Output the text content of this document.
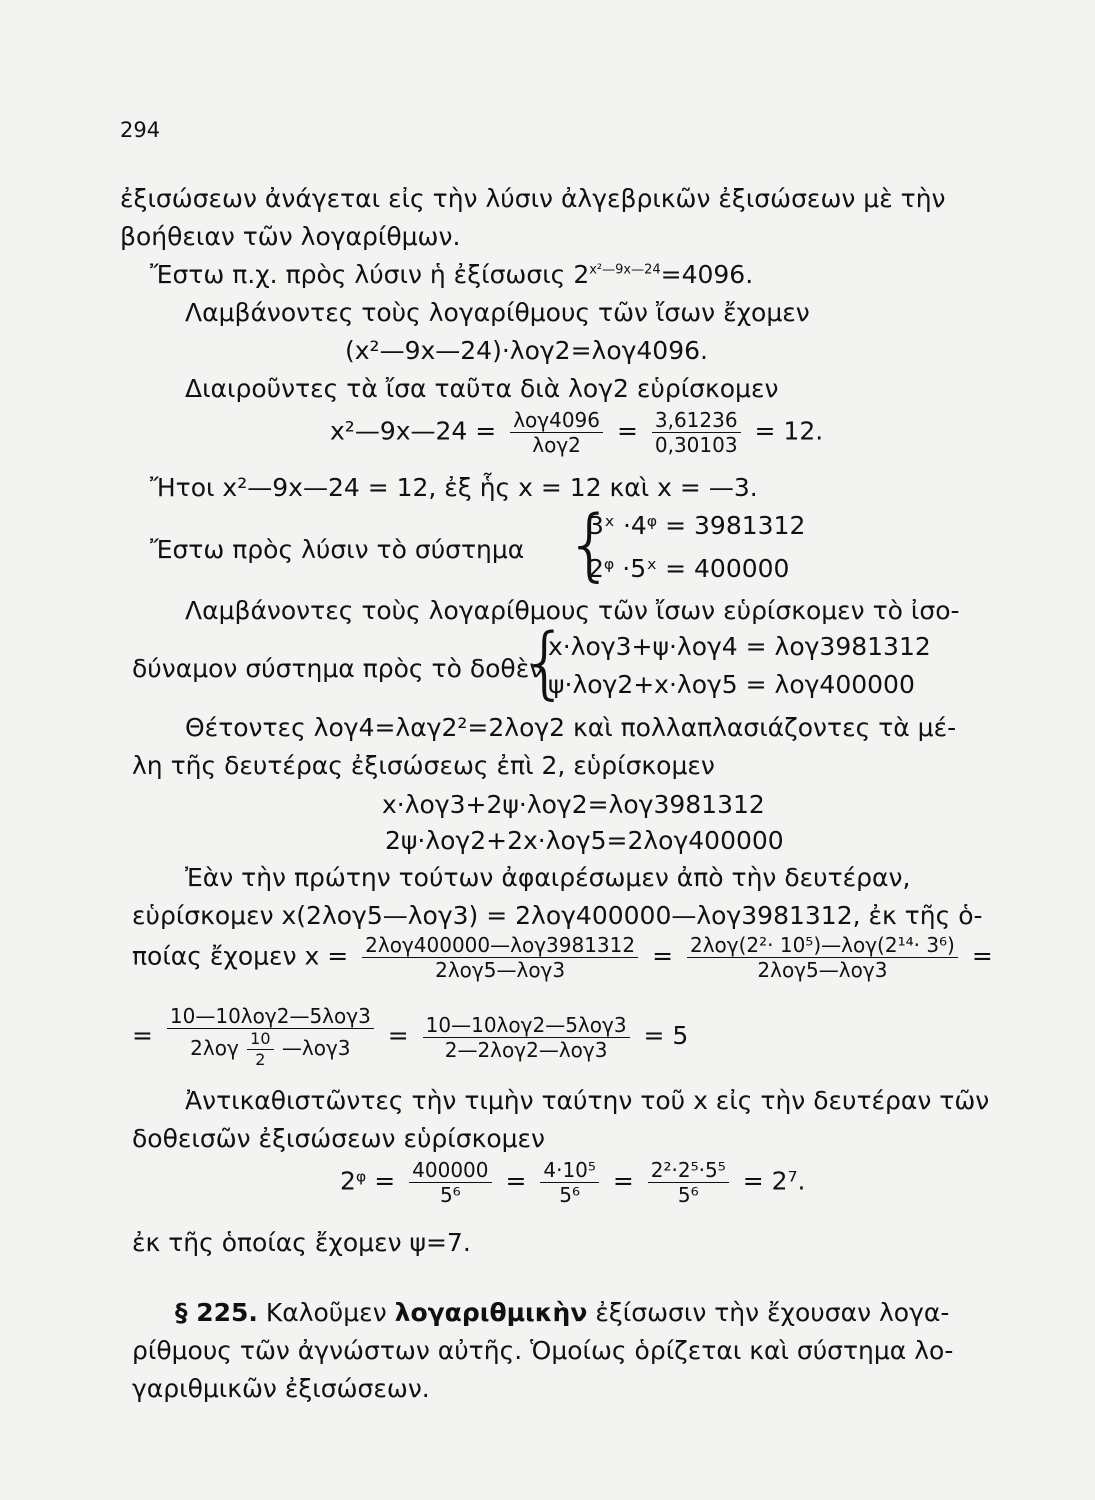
294
ἐξισώσεων ἀνάγεται εἰς τὴν λύσιν ἀλγεβρικῶν ἐξισώσεων μὲ τὴν
βοήθειαν τῶν λογαρίθμων.
Ἔστω π.χ. πρὸς λύσιν ἡ ἐξίσωσις $2^{x^2—9x—24}=4096$.
Λαμβάνοντες τοὺς λογαρίθμους τῶν ἴσων ἔχομεν
(x²—9x—24)·λογ2=λογ4096.
Διαιροῦντες τὰ ἴσα ταῦτα διὰ λογ2 εὑρίσκομεν
x²—9x—24 = $\frac{\text{λογ4096}}{\text{λογ2}} = \frac{3,61236}{0,30103} = 12$.
Ἤτοι x²—9x—24 = 12, ἐξ ἧς x = 12 καὶ x = —3.
Ἔστω πρὸς λύσιν τὸ σύστημα {
3ˣ ·4ᵠ = 3981312
2ᵠ ·5ˣ = 400000
Λαμβάνοντες τοὺς λογαρίθμους τῶν ἴσων εὑρίσκομεν τὸ ἰσο-
δύναμον σύστημα πρὸς τὸ δοθὲν
{
x·λογ3+ψ·λογ4 = λογ3981312
ψ·λογ2+x·λογ5 = λογ400000
Θέτοντες λογ4=λαγ2²=2λογ2 καὶ πολλαπλασιάζοντες τὰ μέ-
λη τῆς δευτέρας ἐξισώσεως ἐπὶ 2, εὑρίσκομεν
x·λογ3+2ψ·λογ2=λογ3981312
2ψ·λογ2+2x·λογ5=2λογ400000
Ἐὰν τὴν πρώτην τούτων ἀφαιρέσωμεν ἀπὸ τὴν δευτέραν,
εὑρίσκομεν x(2λογ5—λογ3) = 2λογ400000—λογ3981312, ἐκ τῆς ὁ-
ποίας ἔχομεν $x = \frac{\text{2λογ400000—λογ3981312}}{\text{2λογ5—λογ3}} = \frac{\text{2λογ(2²· 10⁵)—λογ(2¹⁴· 3⁶)}}{\text{2λογ5—λογ3}}$ =
= $\frac{\text{10—10λογ2—5λογ3}}{2\lambda o\gamma \frac{10}{2} —\lambda o\gamma 3} = \frac{\text{10—10λογ2—5λογ3}}{\text{2—2λογ2—λογ3}} = 5$
Ἀντικαθιστῶντες τὴν τιμὴν ταύτην τοῦ x εἰς τὴν δευτέραν τῶν
δοθεισῶν ἐξισώσεων εὑρίσκομεν
2ᵠ = $\frac{400000}{\text{5⁶}} = \frac{\text{4·10⁵}}{\text{5⁶}} = \frac{\text{2²·2⁵·5⁵}}{\text{5⁶}} = 2^7$.
ἐκ τῆς ὁποίας ἔχομεν ψ=7.
§ 225. Καλοῦμεν λογαριθμικὴν ἐξίσωσιν τὴν ἔχουσαν λογα-
ρίθμους τῶν ἀγνώστων αὐτῆς. Ὁμοίως ὁρίζεται καὶ σύστημα λο-
γαριθμικῶν ἐξισώσεων.
